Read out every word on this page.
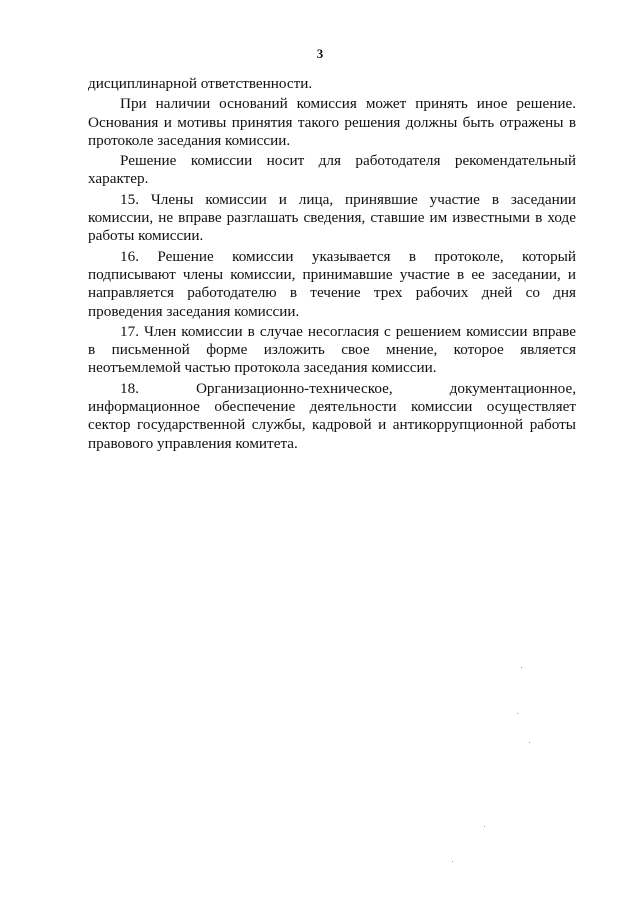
3

дисциплинарной ответственности.

При наличии оснований комиссия может принять иное решение. Основания и мотивы принятия такого решения должны быть отражены в протоколе заседания комиссии.

Решение комиссии носит для работодателя рекомендательный характер.

15. Члены комиссии и лица, принявшие участие в заседании комиссии, не вправе разглашать сведения, ставшие им известными в ходе работы комиссии.

16. Решение комиссии указывается в протоколе, который подписывают члены комиссии, принимавшие участие в ее заседании, и направляется работодателю в течение трех рабочих дней со дня проведения заседания комиссии.

17. Член комиссии в случае несогласия с решением комиссии вправе в письменной форме изложить свое мнение, которое является неотъемлемой частью протокола заседания комиссии.

18. Организационно-техническое, документационное, информационное обеспечение деятельности комиссии осуществляет сектор государственной службы, кадровой и антикоррупционной работы правового управления комитета.
